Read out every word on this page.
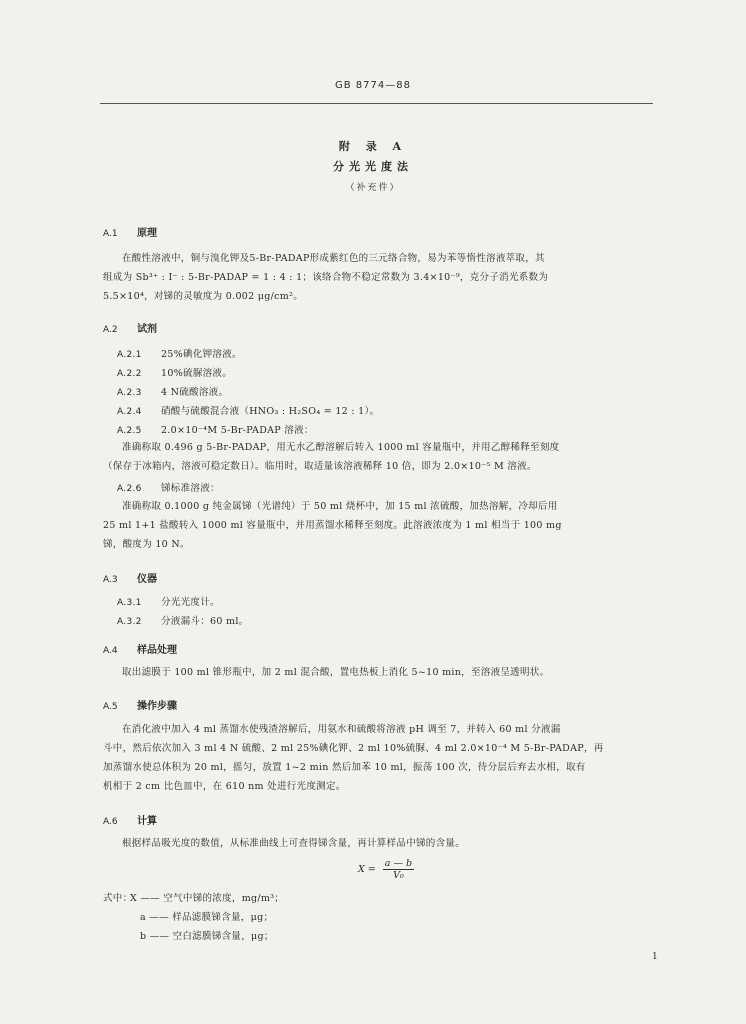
GB 8774—88
附 录 A
分光光度法
（补充件）
A.1 原理
在酸性溶液中，铜与溴化钾及5-Br-PADAP形成紫红色的三元络合物，易为苯等惰性溶液萃取，其
组成为 Sb³⁺ : I⁻ : 5-Br-PADAP = 1 : 4 : 1；该络合物不稳定常数为 3.4×10⁻⁹，克分子消光系数为
5.5×10⁴，对锑的灵敏度为 0.002 μg/cm²。
A.2 试剂
A.2.1 25%碘化钾溶液。
A.2.2 10%硫脲溶液。
A.2.3 4 N硫酸溶液。
A.2.4 硝酸与硫酸混合液（HNO₃ : H₂SO₄ = 12 : 1）。
A.2.5 2.0×10⁻⁴M 5-Br-PADAP 溶液：
准确称取 0.496 g 5-Br-PADAP，用无水乙醇溶解后转入 1000 ml 容量瓶中，并用乙醇稀释至刻度
（保存于冰箱内，溶液可稳定数日）。临用时，取适量该溶液稀释 10 倍，即为 2.0×10⁻⁵ M 溶液。
A.2.6 锑标准溶液：
准确称取 0.1000 g 纯金属锑（光谱纯）于 50 ml 烧杯中，加 15 ml 浓硫酸，加热溶解，冷却后用
25 ml 1+1 盐酸转入 1000 ml 容量瓶中，并用蒸馏水稀释至刻度。此溶液浓度为 1 ml 相当于 100 mg
锑，酸度为 10 N。
A.3 仪器
A.3.1 分光光度计。
A.3.2 分液漏斗：60 ml。
A.4 样品处理
取出滤膜于 100 ml 锥形瓶中，加 2 ml 混合酸，置电热板上消化 5~10 min，至溶液呈透明状。
A.5 操作步骤
在消化液中加入 4 ml 蒸馏水使残渣溶解后，用氨水和硫酸将溶液 pH 调至 7，并转入 60 ml 分液漏
斗中，然后依次加入 3 ml 4 N 硫酸、2 ml 25%碘化钾、2 ml 10%硫脲、4 ml 2.0×10⁻⁴ M 5-Br-PADAP，再
加蒸馏水使总体积为 20 ml，摇匀，放置 1~2 min 然后加苯 10 ml，振荡 100 次，待分层后弃去水相，取有
机相于 2 cm 比色皿中，在 610 nm 处进行光度测定。
A.6 计算
根据样品吸光度的数值，从标准曲线上可查得锑含量，再计算样品中锑的含量。
$X = \frac{a — b}{\text{V₀}}$
式中：
X —— 空气中锑的浓度，mg/m³；
a —— 样品滤膜锑含量，μg；
b —— 空白滤膜锑含量，μg；
1
